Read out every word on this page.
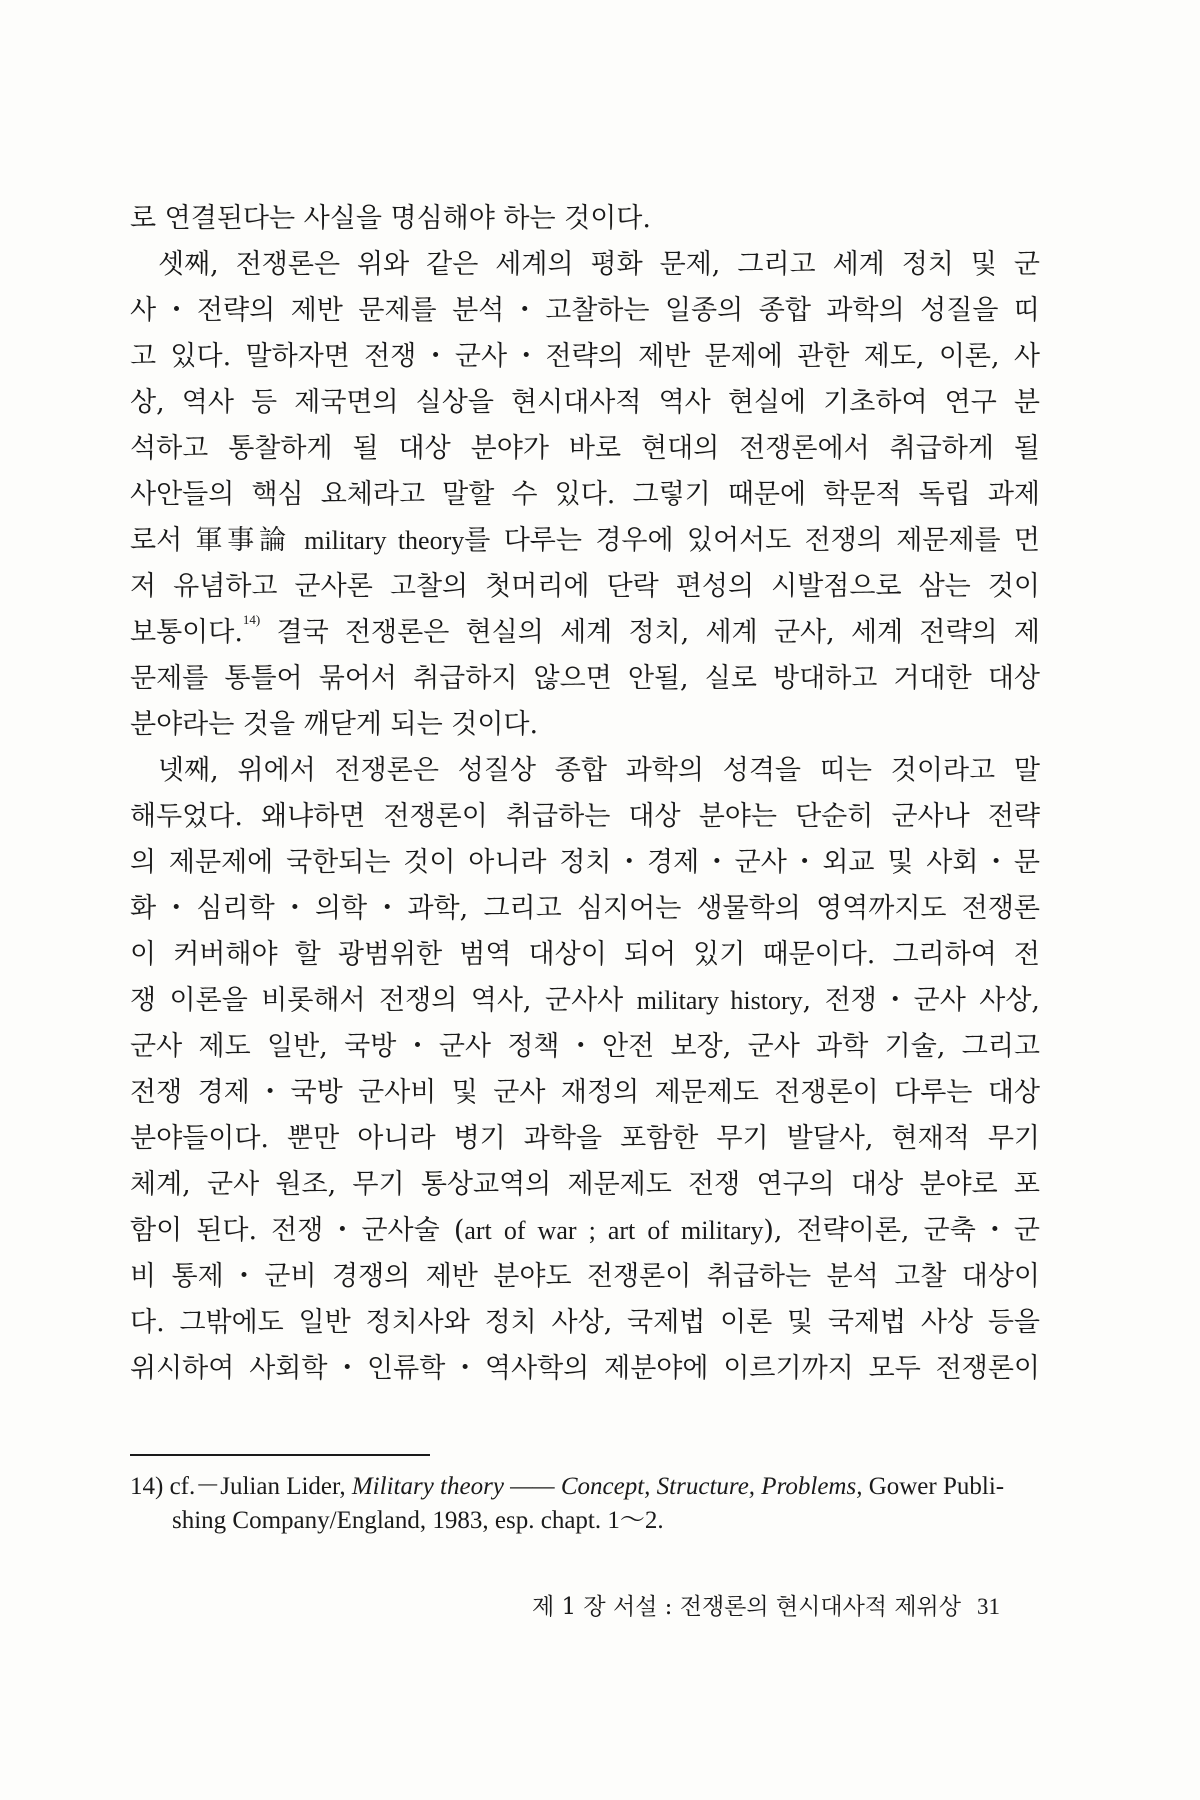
로 연결된다는 사실을 명심해야 하는 것이다.
셋째, 전쟁론은 위와 같은 세계의 평화 문제, 그리고 세계 정치 및 군
사・전략의 제반 문제를 분석・고찰하는 일종의 종합 과학의 성질을 띠
고 있다. 말하자면 전쟁・군사・전략의 제반 문제에 관한 제도, 이론, 사
상, 역사 등 제국면의 실상을 현시대사적 역사 현실에 기초하여 연구 분
석하고 통찰하게 될 대상 분야가 바로 현대의 전쟁론에서 취급하게 될
사안들의 핵심 요체라고 말할 수 있다. 그렇기 때문에 학문적 독립 과제
로서 軍事論 military theory를 다루는 경우에 있어서도 전쟁의 제문제를 먼
저 유념하고 군사론 고찰의 첫머리에 단락 편성의 시발점으로 삼는 것이
보통이다.$^{14)}$ 결국 전쟁론은 현실의 세계 정치, 세계 군사, 세계 전략의 제
문제를 통틀어 묶어서 취급하지 않으면 안될, 실로 방대하고 거대한 대상
분야라는 것을 깨닫게 되는 것이다.
넷째, 위에서 전쟁론은 성질상 종합 과학의 성격을 띠는 것이라고 말
해두었다. 왜냐하면 전쟁론이 취급하는 대상 분야는 단순히 군사나 전략
의 제문제에 국한되는 것이 아니라 정치・경제・군사・외교 및 사회・문
화・심리학・의학・과학, 그리고 심지어는 생물학의 영역까지도 전쟁론
이 커버해야 할 광범위한 범역 대상이 되어 있기 때문이다. 그리하여 전
쟁 이론을 비롯해서 전쟁의 역사, 군사사 military history, 전쟁・군사 사상,
군사 제도 일반, 국방・군사 정책・안전 보장, 군사 과학 기술, 그리고
전쟁 경제・국방 군사비 및 군사 재정의 제문제도 전쟁론이 다루는 대상
분야들이다. 뿐만 아니라 병기 과학을 포함한 무기 발달사, 현재적 무기
체계, 군사 원조, 무기 통상교역의 제문제도 전쟁 연구의 대상 분야로 포
함이 된다. 전쟁・군사술 (art of war ; art of military), 전략이론, 군축・군
비 통제・군비 경쟁의 제반 분야도 전쟁론이 취급하는 분석 고찰 대상이
다. 그밖에도 일반 정치사와 정치 사상, 국제법 이론 및 국제법 사상 등을
위시하여 사회학・인류학・역사학의 제분야에 이르기까지 모두 전쟁론이
14) cf.－Julian Lider, Military theory —— Concept, Structure, Problems, Gower Publi-
shing Company/England, 1983, esp. chapt. 1～2.
제 1 장 서설 : 전쟁론의 현시대사적 제위상 31
